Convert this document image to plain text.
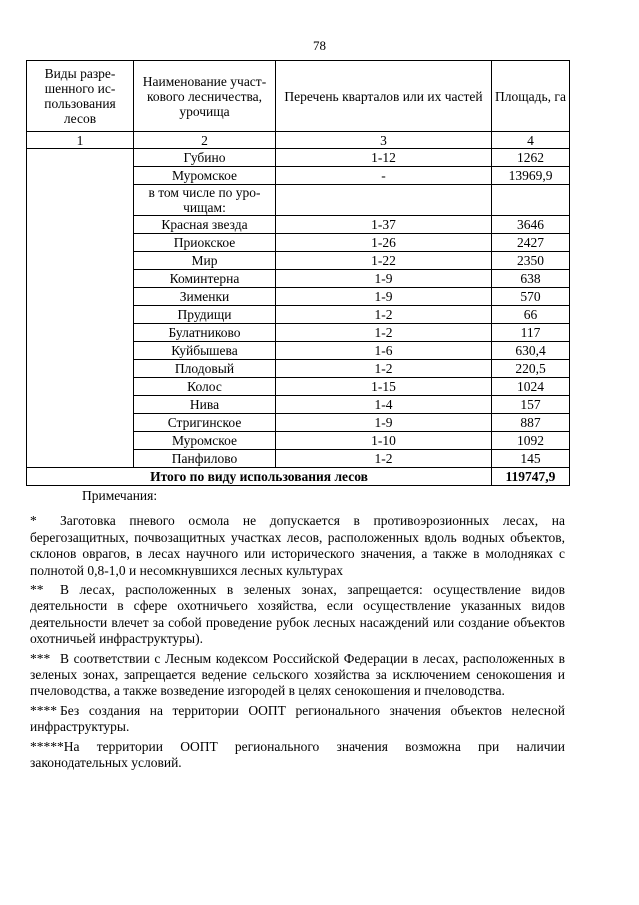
78
Виды разре-шенного ис-пользования лесов	Наименование участ-кового лесничества, урочища	Перечень кварталов или их частей	Площадь, га
1	2	3	4
	Губино	1-12	1262
	Муромское	-	13969,9
	в том числе по уро-чищам:		
	Красная звезда	1-37	3646
	Приокское	1-26	2427
	Мир	1-22	2350
	Коминтерна	1-9	638
	Зименки	1-9	570
	Прудищи	1-2	66
	Булатниково	1-2	117
	Куйбышева	1-6	630,4
	Плодовый	1-2	220,5
	Колос	1-15	1024
	Нива	1-4	157
	Стригинское	1-9	887
	Муромское	1-10	1092
	Панфилово	1-2	145
Итого по виду использования лесов			119747,9
Примечания:

* Заготовка пневого осмола не допускается в противоэрозионных лесах, на берегозащитных, почвозащитных участках лесов, расположенных вдоль водных объектов, склонов оврагов, в лесах научного или исторического значения, а также в молодняках с полнотой 0,8-1,0 и несомкнувшихся лесных культурах

** В лесах, расположенных в зеленых зонах, запрещается: осуществление видов деятельности в сфере охотничьего хозяйства, если осуществление указанных видов деятельности влечет за собой проведение рубок лесных насаждений или создание объектов охотничьей инфраструктуры).

*** В соответствии с Лесным кодексом Российской Федерации в лесах, расположенных в зеленых зонах, запрещается ведение сельского хозяйства за исключением сенокошения и пчеловодства, а также возведение изгородей в целях сенокошения и пчеловодства.

**** Без создания на территории ООПТ регионального значения объектов нелесной инфраструктуры.

*****На территории ООПТ регионального значения возможна при наличии законодательных условий.
